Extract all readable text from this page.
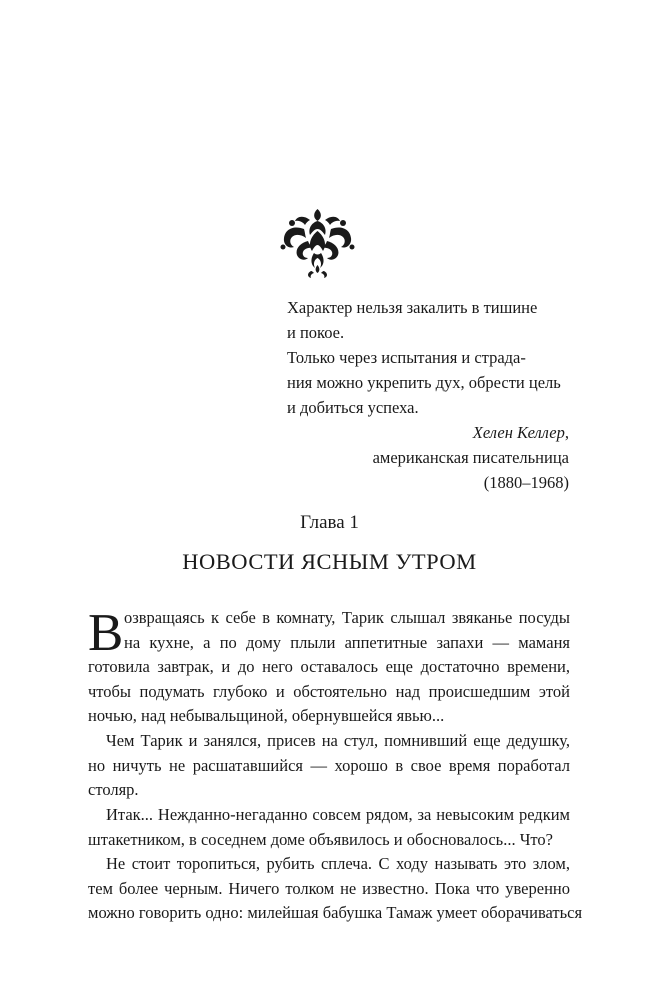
Характер нельзя закалить в тишине
и покое.
Только через испытания и страда-
ния можно укрепить дух, обрести цель
и добиться успеха.
Хелен Келлер,
американская писательница
(1880–1968)
Глава 1
НОВОСТИ ЯСНЫМ УТРОМ
В озвращаясь к себе в комнату, Тарик слышал звяканье посуды
на кухне, а по дому плыли аппетитные запахи — маманя
готовила завтрак, и до него оставалось еще достаточно времени,
чтобы подумать глубоко и обстоятельно над происшедшим этой
ночью, над небывальщиной, обернувшейся явью...
Чем Тарик и занялся, присев на стул, помнивший еще дедушку,
но ничуть не расшатавшийся — хорошо в свое время поработал
столяр.
Итак... Нежданно-негаданно совсем рядом, за невысоким редким
штакетником, в соседнем доме объявилось и обосновалось... Что?
Не стоит торопиться, рубить сплеча. С ходу называть это злом,
тем более черным. Ничего толком не известно. Пока что уверенно
можно говорить одно: милейшая бабушка Тамаж умеет оборачиваться
